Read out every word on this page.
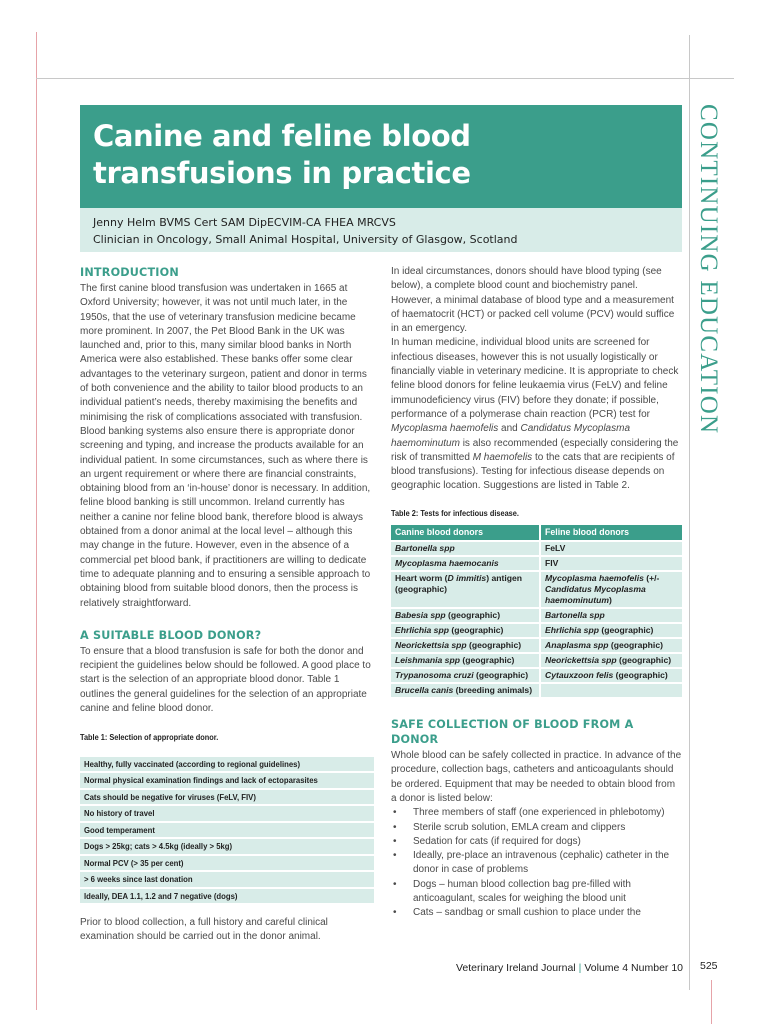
Canine and feline blood
transfusions in practice
Jenny Helm BVMS Cert SAM DipECVIM-CA FHEA MRCVS
Clinician in Oncology, Small Animal Hospital, University of Glasgow, Scotland	CONTINUING EDUCATION
INTRODUCTION

The first canine blood transfusion was undertaken in 1665 at Oxford University; however, it was not until much later, in the 1950s, that the use of veterinary transfusion medicine became more prominent. In 2007, the Pet Blood Bank in the UK was launched and, prior to this, many similar blood banks in North America were also established. These banks offer some clear advantages to the veterinary surgeon, patient and donor in terms of both convenience and the ability to tailor blood products to an individual patient’s needs, thereby maximising the benefits and minimising the risk of complications associated with transfusion. Blood banking systems also ensure there is appropriate donor screening and typing, and increase the products available for an individual patient. In some circumstances, such as where there is an urgent requirement or where there are financial constraints, obtaining blood from an ‘in-house’ donor is necessary. In addition, feline blood banking is still uncommon. Ireland currently has neither a canine nor feline blood bank, therefore blood is always obtained from a donor animal at the local level – although this may change in the future. However, even in the absence of a commercial pet blood bank, if practitioners are willing to dedicate time to adequate planning and to ensuring a sensible approach to obtaining blood from suitable blood donors, then the process is relatively straightforward.

A SUITABLE BLOOD DONOR?

To ensure that a blood transfusion is safe for both the donor and recipient the guidelines below should be followed. A good place to start is the selection of an appropriate blood donor. Table 1 outlines the general guidelines for the selection of an appropriate canine and feline blood donor.

Table 1: Selection of appropriate donor.
Healthy, fully vaccinated (according to regional guidelines)
Normal physical examination findings and lack of ectoparasites
Cats should be negative for viruses (FeLV, FIV)
No history of travel
Good temperament
Dogs > 25kg; cats > 4.5kg (ideally > 5kg)
Normal PCV (> 35 per cent)
> 6 weeks since last donation
Ideally, DEA 1.1, 1.2 and 7 negative (dogs)

Prior to blood collection, a full history and careful clinical examination should be carried out in the donor animal.

In ideal circumstances, donors should have blood typing (see below), a complete blood count and biochemistry panel. However, a minimal database of blood type and a measurement of haematocrit (HCT) or packed cell volume (PCV) would suffice in an emergency.

In human medicine, individual blood units are screened for infectious diseases, however this is not usually logistically or financially viable in veterinary medicine. It is appropriate to check feline blood donors for feline leukaemia virus (FeLV) and feline immunodeficiency virus (FIV) before they donate; if possible, performance of a polymerase chain reaction (PCR) test for Mycoplasma haemofelis and Candidatus Mycoplasma haemominutum is also recommended (especially considering the risk of transmitted M haemofelis to the cats that are recipients of blood transfusions). Testing for infectious disease depends on geographic location. Suggestions are listed in Table 2.

Table 2: Tests for infectious disease.
Canine blood donors	Feline blood donors
Bartonella spp	FeLV
Mycoplasma haemocanis	FIV
Heart worm (D immitis) antigen (geographic)	Mycoplasma haemofelis (+/- Candidatus Mycoplasma haemominutum)
Babesia spp (geographic)	Bartonella spp
Ehrlichia spp (geographic)	Ehrlichia spp (geographic)
Neorickettsia spp (geographic)	Anaplasma spp (geographic)
Leishmania spp (geographic)	Neorickettsia spp (geographic)
Trypanosoma cruzi (geographic)	Cytauxzoon felis (geographic)
Brucella canis (breeding animals)	
SAFE COLLECTION OF BLOOD FROM A DONOR

Whole blood can be safely collected in practice. In advance of the procedure, collection bags, catheters and anticoagulants should be ordered. Equipment that may be needed to obtain blood from a donor is listed below:

• Three members of staff (one experienced in phlebotomy)
• Sterile scrub solution, EMLA cream and clippers
• Sedation for cats (if required for dogs)
• Ideally, pre-place an intravenous (cephalic) catheter in the donor in case of problems
• Dogs – human blood collection bag pre-filled with anticoagulant, scales for weighing the blood unit
• Cats – sandbag or small cushion to place under the
Veterinary Ireland Journal | Volume 4 Number 10 525
